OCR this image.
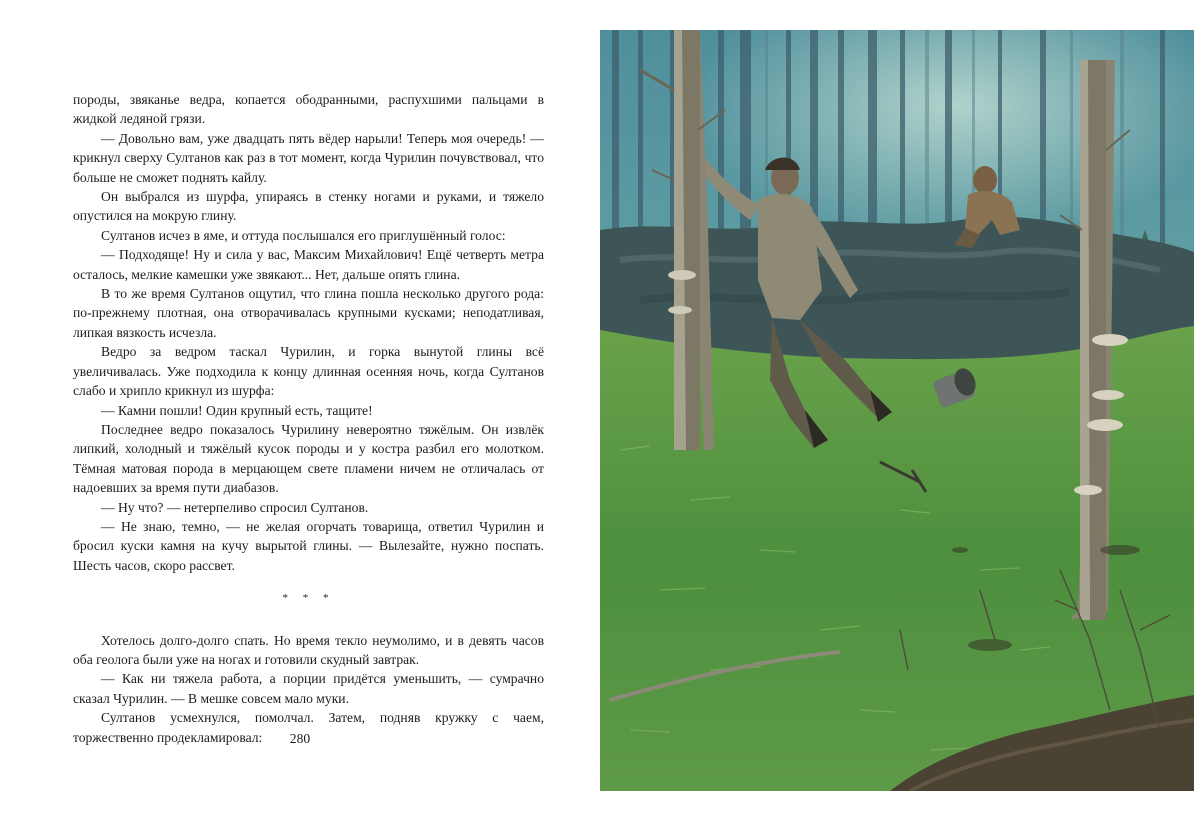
породы, звяканье ведра, копается ободранными, распухшими пальцами в жидкой ледяной грязи.

— Довольно вам, уже двадцать пять вёдер нарыли! Теперь моя очередь! — крикнул сверху Султанов как раз в тот момент, когда Чурилин почувствовал, что больше не сможет поднять кайлу.

Он выбрался из шурфа, упираясь в стенку ногами и руками, и тяжело опустился на мокрую глину.

Султанов исчез в яме, и оттуда послышался его приглушённый голос:

— Подходяще! Ну и сила у вас, Максим Михайлович! Ещё четверть метра осталось, мелкие камешки уже звякают... Нет, дальше опять глина.

В то же время Султанов ощутил, что глина пошла несколько другого рода: по-прежнему плотная, она отворачивалась крупными кусками; неподатливая, липкая вязкость исчезла.

Ведро за ведром таскал Чурилин, и горка вынутой глины всё увеличивалась. Уже подходила к концу длинная осенняя ночь, когда Султанов слабо и хрипло крикнул из шурфа:

— Камни пошли! Один крупный есть, тащите!

Последнее ведро показалось Чурилину невероятно тяжёлым. Он извлёк липкий, холодный и тяжёлый кусок породы и у костра разбил его молотком. Тёмная матовая порода в мерцающем свете пламени ничем не отличалась от надоевших за время пути диабазов.

— Ну что? — нетерпеливо спросил Султанов.

— Не знаю, темно, — не желая огорчать товарища, ответил Чурилин и бросил куски камня на кучу вырытой глины. — Вылезайте, нужно поспать. Шесть часов, скоро рассвет.

* * *

Хотелось долго-долго спать. Но время текло неумолимо, и в девять часов оба геолога были уже на ногах и готовили скудный завтрак.

— Как ни тяжела работа, а порции придётся уменьшить, — сумрачно сказал Чурилин. — В мешке совсем мало муки.

Султанов усмехнулся, помолчал. Затем, подняв кружку с чаем, торжественно продекламировал:	280
